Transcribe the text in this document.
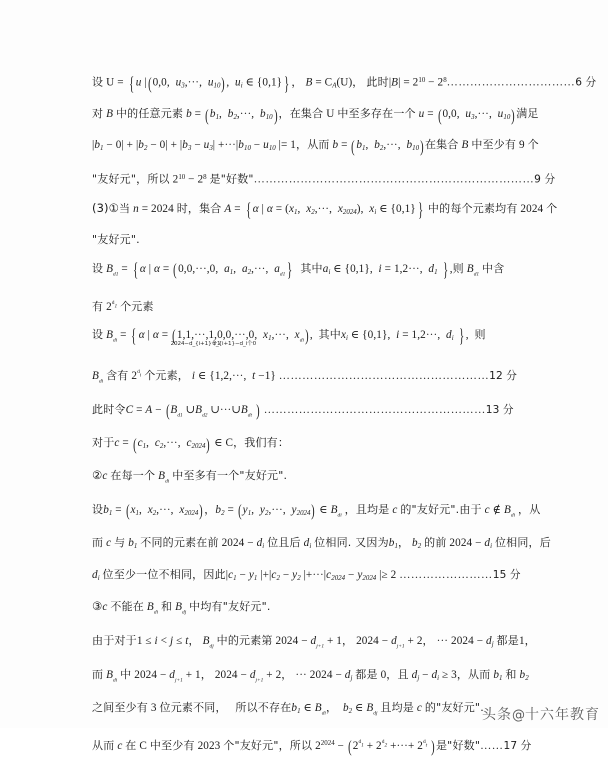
设 U = { u |(0,0,  $u_3,\cdot\cdot\cdot$,  $u_{10}$),  $u_i$ ∈ {0,1} } ， $B = C_A(U)$， 此时$|B| = 2^{10}$ − $2^8\dots\dots\dots\dots\dots\dots\dots\dots\dots\dots\dots 6$ 分
对 B 中的任意元素 $b = (b_1$,  $b_2,\cdot\cdot\cdot$,  $b_{10}$)，在集合 U 中至多存在一个 u = (0,0,  $u_3,\cdot\cdot\cdot$,  $u_{10}$)满足
$|b_1 - 0| + |b_2 - 0| + |b_3 - u_3| +\cdot\cdot\cdot|b_{10} - u_{10}$ |= 1，从而 $b = (b_1$,  $b_2,\cdot\cdot\cdot$,  $b_{10}$)在集合 B 中至少有 9 个
"友好元"，所以 $2^{10} - 2^8$ 是"好数"………………………………………………………………9 分
(3)①当 n = 2024 时，集合 A = { α | $\alpha = (x_1$,  $x_2,\cdot\cdot\cdot$,  $x_{2024}$),  $x_i$ ∈ {0,1} } 中的每个元素均有 2024 个
"友好元".
设 $B_{_{d1}}$ = { α | α = (0,0,···,0,  $a_1$,  $a_2,\cdot\cdot\cdot$,  $a_{_{d1}}$ } 其中$a_i$ ∈ {0,1},  i = 1,2···,  $d_1$ } ,则 $B_{_{d1}}$ 中含
有 $2^{^d_1}$ 个元素
设 $B_{_{di}}$ = { α | α = ( 1,1,···,1
2024−d_{i+1}个1
,0,0,···,0
d_{i+1}−d_i个0
,  $x_1,\cdot\cdot\cdot$,  $x_{_{di}}$),  其中$x_i$ ∈ {0,1},  i = 1,2···,  $d_i$ } ,  则
$B_{_{di}}$ 含有 $2^{^d_i}$ 个元素， i ∈ {1,2,···,  t −1} ………………………………………………12 分
此时令$C = A - (B_{_{d1}}$ $\cup B_{_{d2}}$ $\cup\cdot\cdot\cdot\cup B_{_{dt}}$ ) …………………………………………………13 分
对于$c = (c_1$,  $c_2,\cdot\cdot\cdot$,  $c_{2024}$) ∈ C，我们有：
②c 在每一个 $B_{_{di}}$ 中至多有一个"友好元".
设$b_1 = (x_1$,  $x_2,\cdot\cdot\cdot$,  $x_{2024}$)，$b_2 = (y_1$,  $y_2,\cdot\cdot\cdot$,  $y_{2024}$) ∈ $B_{_{di}}$ ，且均是 c 的"友好元".由于 c ∉ $B_{_{di}}$ ，从
而 c 与 $b_1$ 不同的元素在前 $2024 - d_i$ 位且后 $d_i$ 位相同. 又因为$b_1$， $b_2$ 的前 $2024 - d_i$ 位相同，后
$d_i$ 位至少一位不相同，因此$|c_1 - y_1$ $|+|c_2 - y_2$ $|+\cdot\cdot\cdot|c_{2024} - y_{2024}$ |≥ 2 ……………………15 分
③c 不能在 $B_{_{di}}$ 和 $B_{_{dj}}$ 中均有"友好元".
由于对于1 ≤ i < j ≤ t， $B_{_{dj}}$ 中的元素第 $2024 - d_{_{j+1}} + 1$， $2024 - d_{_{j+1}} + 2$， ··· $2024 - d_j$ 都是1，
而 $B_{_{di}}$ 中 $2024 - d_{_{j+1}} + 1$， $2024 - d_{_{j+1}} + 2$， ··· $2024 - d_j$ 都是 0，且 $d_j - d_i \ge 3$，从而 $b_1$ 和 $b_2$
之间至少有 3 位元素不同， 所以不存在$b_1$ ∈ $B_{_{di}}$， $b_2$ ∈ $B_{_{dj}}$ 且均是 c 的"友好元".
从而 c 在 C 中至少有 2023 个"友好元"，所以 $2^{2024} - (2^{^d_1} + 2^{^d_2}$ +···+ $2^{^d_t}$ )是"好数"……17 分
头条@十六年教育
